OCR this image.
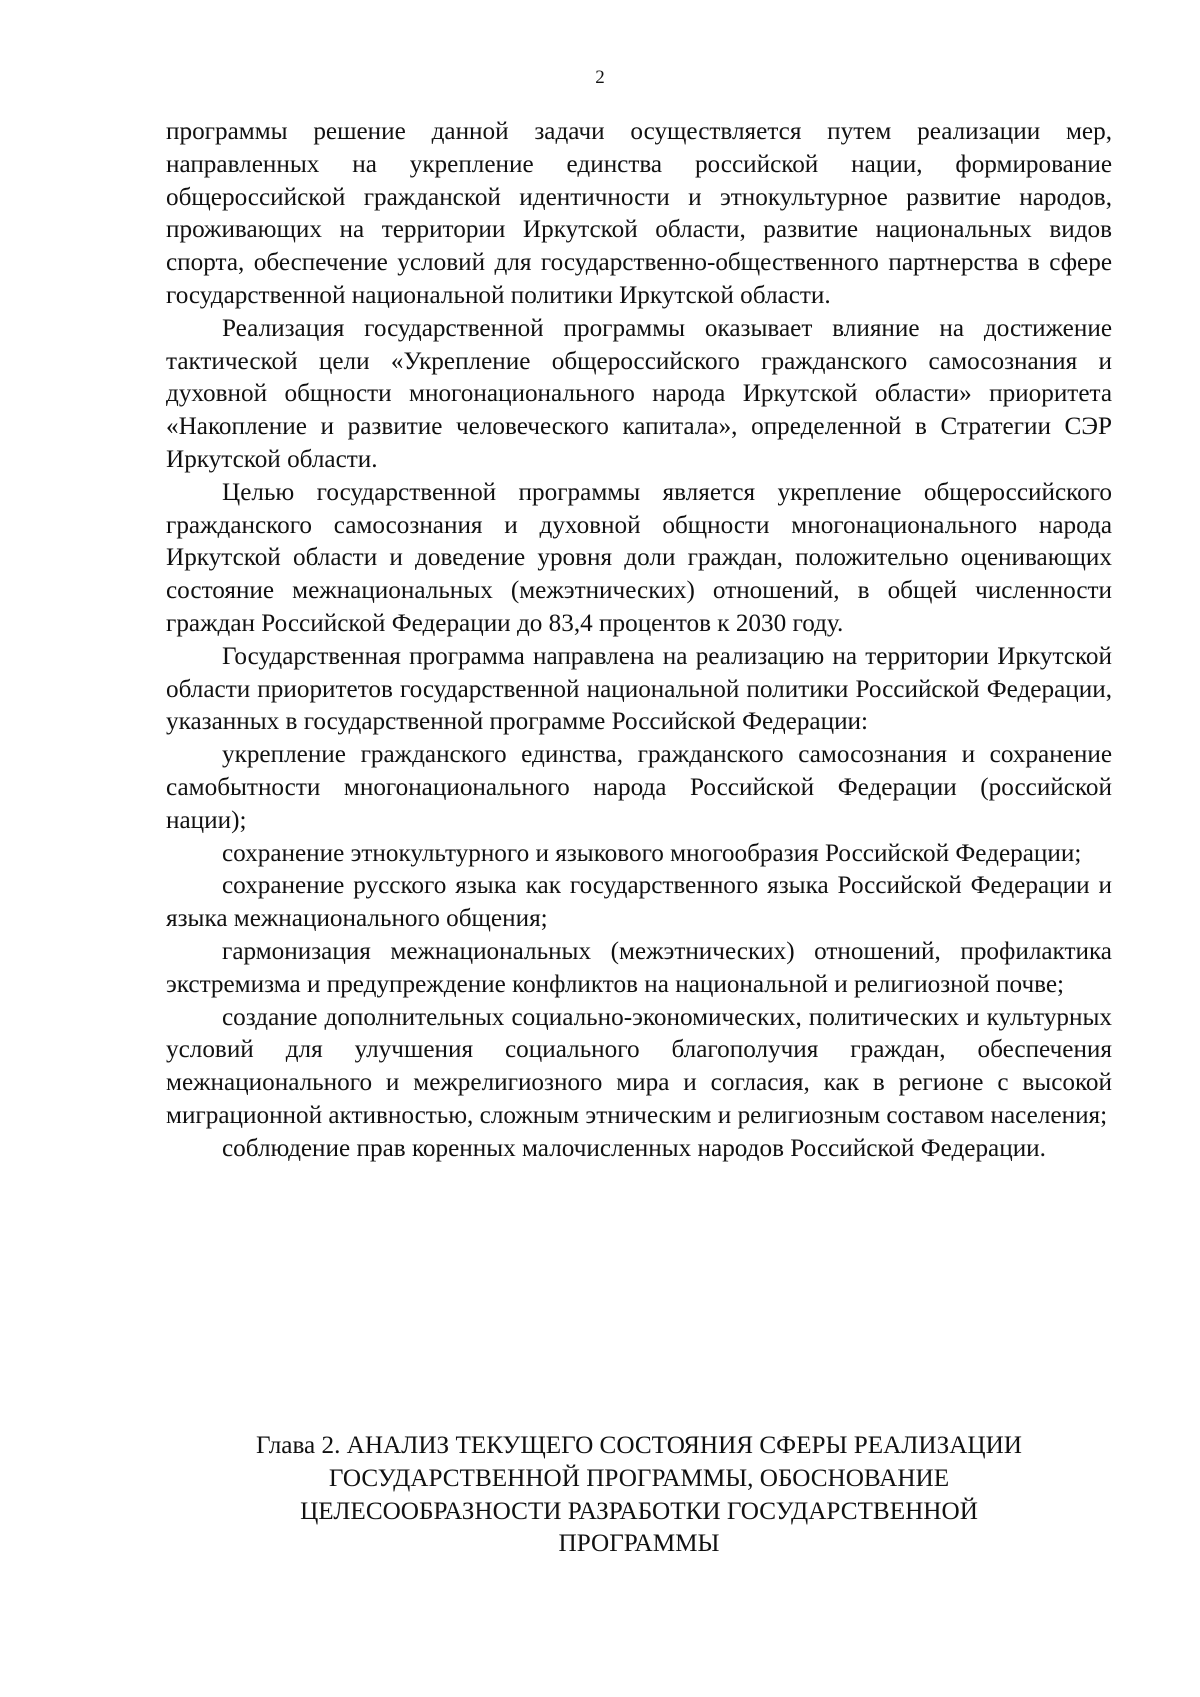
2

программы решение данной задачи осуществляется путем реализации мер, направленных на укрепление единства российской нации, формирование общероссийской гражданской идентичности и этнокультурное развитие народов, проживающих на территории Иркутской области, развитие национальных видов спорта, обеспечение условий для государственно-общественного партнерства в сфере государственной национальной политики Иркутской области.

Реализация государственной программы оказывает влияние на достижение тактической цели «Укрепление общероссийского гражданского самосознания и духовной общности многонационального народа Иркутской области» приоритета «Накопление и развитие человеческого капитала», определенной в Стратегии СЭР Иркутской области.

Целью государственной программы является укрепление общероссийского гражданского самосознания и духовной общности многонационального народа Иркутской области и доведение уровня доли граждан, положительно оценивающих состояние межнациональных (межэтнических) отношений, в общей численности граждан Российской Федерации до 83,4 процентов к 2030 году.

Государственная программа направлена на реализацию на территории Иркутской области приоритетов государственной национальной политики Российской Федерации, указанных в государственной программе Российской Федерации:

укрепление гражданского единства, гражданского самосознания и сохранение самобытности многонационального народа Российской Федерации (российской нации);

сохранение этнокультурного и языкового многообразия Российской Федерации;

сохранение русского языка как государственного языка Российской Федерации и языка межнационального общения;

гармонизация межнациональных (межэтнических) отношений, профилактика экстремизма и предупреждение конфликтов на национальной и религиозной почве;

создание дополнительных социально-экономических, политических и культурных условий для улучшения социального благополучия граждан, обеспечения межнационального и межрелигиозного мира и согласия, как в регионе с высокой миграционной активностью, сложным этническим и религиозным составом населения;

соблюдение прав коренных малочисленных народов Российской Федерации.

Глава 2. АНАЛИЗ ТЕКУЩЕГО СОСТОЯНИЯ СФЕРЫ РЕАЛИЗАЦИИ
ГОСУДАРСТВЕННОЙ ПРОГРАММЫ, ОБОСНОВАНИЕ
ЦЕЛЕСООБРАЗНОСТИ РАЗРАБОТКИ ГОСУДАРСТВЕННОЙ
ПРОГРАММЫ
